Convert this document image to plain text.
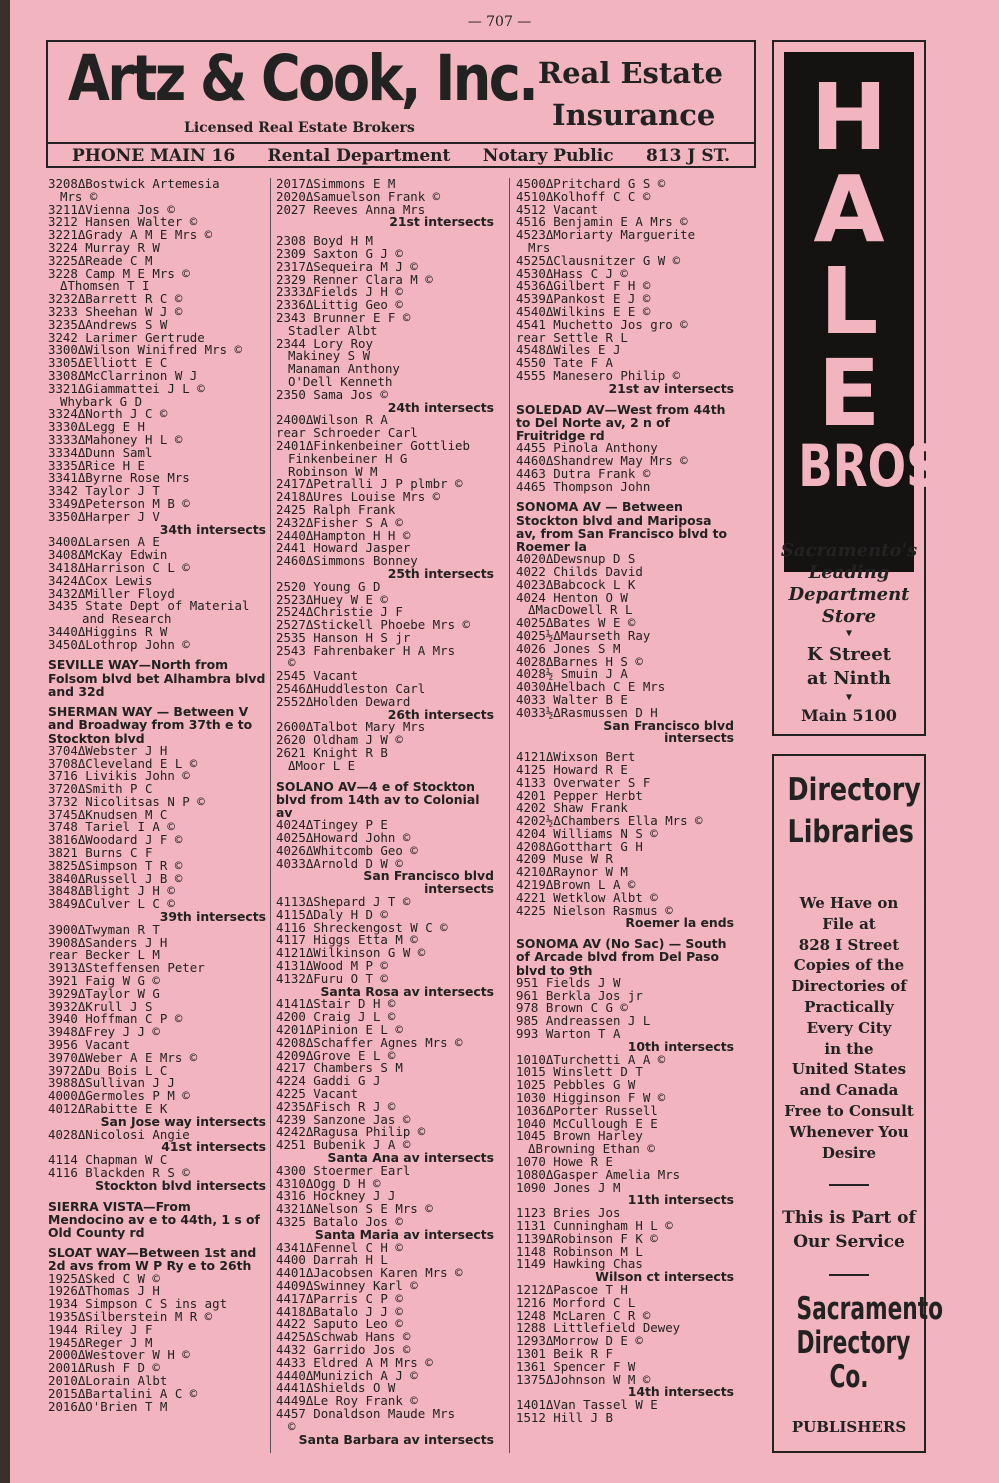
— 707 —
Artz & Cook, Inc. Real Estate
Insurance
Licensed Real Estate Brokers
PHONE MAIN 16 Rental Department Notary Public 813 J ST.
3208ΔBostwick Artemesia
Mrs ©
3211ΔVienna Jos ©
3212 Hansen Walter ©
3221ΔGrady A M E Mrs ©
3224 Murray R W
3225ΔReade C M
3228 Camp M E Mrs ©
ΔThomsen T I
3232ΔBarrett R C ©
3233 Sheehan W J ©
3235ΔAndrews S W
3242 Larimer Gertrude
3300ΔWilson Winifred Mrs ©
3305ΔElliott E C
3308ΔMcClarrinon W J
3321ΔGiammattei J L ©
Whybark G D
3324ΔNorth J C ©
3330ΔLegg E H
3333ΔMahoney H L ©
3334ΔDunn Saml
3335ΔRice H E
3341ΔByrne Rose Mrs
3342 Taylor J T
3349ΔPeterson M B ©
3350ΔHarper J V
34th intersects
3400ΔLarsen A E
3408ΔMcKay Edwin
3418ΔHarrison C L ©
3424ΔCox Lewis
3432ΔMiller Floyd
3435 State Dept of Material
and Research
3440ΔHiggins R W
3450ΔLothrop John ©
SEVILLE WAY—North from Folsom blvd bet Alhambra blvd and 32d
SHERMAN WAY — Between V and Broadway from 37th e to Stockton blvd
3704ΔWebster J H
3708ΔCleveland E L ©
3716 Livikis John ©
3720ΔSmith P C
3732 Nicolitsas N P ©
3745ΔKnudsen M C
3748 Tariel I A ©
3816ΔWoodard J F ©
3821 Burns C F
3825ΔSimpson T R ©
3840ΔRussell J B ©
3848ΔBlight J H ©
3849ΔCulver L C ©
39th intersects
3900ΔTwyman R T
3908ΔSanders J H
rear Becker L M
3913ΔSteffensen Peter
3921 Faig W G ©
3929ΔTaylor W G
3932ΔKrull J S
3940 Hoffman C P ©
3948ΔFrey J J ©
3956 Vacant
3970ΔWeber A E Mrs ©
3972ΔDu Bois L C
3988ΔSullivan J J
4000ΔGermoles P M ©
4012ΔRabitte E K
San Jose way intersects
4028ΔNicolosi Angie
41st intersects
4114 Chapman W C
4116 Blackden R S ©
Stockton blvd intersects
SIERRA VISTA—From Mendocino av e to 44th, 1 s of Old County rd
SLOAT WAY—Between 1st and 2d avs from W P Ry e to 26th
1925ΔSked C W ©
1926ΔThomas J H
1934 Simpson C S ins agt
1935ΔSilberstein M R ©
1944 Riley J F
1945ΔReger J M
2000ΔWestover W H ©
2001ΔRush F D ©
2010ΔLorain Albt
2015ΔBartalini A C ©
2016ΔO'Brien T M
2017ΔSimmons E M
2020ΔSamuelson Frank ©
2027 Reeves Anna Mrs
21st intersects
2308 Boyd H M
2309 Saxton G J ©
2317ΔSequeira M J ©
2329 Renner Clara M ©
2333ΔFields J H ©
2336ΔLittig Geo ©
2343 Brunner E F ©
Stadler Albt
2344 Lory Roy
Makiney S W
Manaman Anthony
O'Dell Kenneth
2350 Sama Jos ©
24th intersects
2400ΔWilson R A
rear Schroeder Carl
2401ΔFinkenbeiner Gottlieb
Finkenbeiner H G
Robinson W M
2417ΔPetralli J P plmbr ©
2418ΔUres Louise Mrs ©
2425 Ralph Frank
2432ΔFisher S A ©
2440ΔHampton H H ©
2441 Howard Jasper
2460ΔSimmons Bonney
25th intersects
2520 Young G D
2523ΔHuey W E ©
2524ΔChristie J F
2527ΔStickell Phoebe Mrs ©
2535 Hanson H S jr
2543 Fahrenbaker H A Mrs
©
2545 Vacant
2546ΔHuddleston Carl
2552ΔHolden Deward
26th intersects
2600ΔTalbot Mary Mrs
2620 Oldham J W ©
2621 Knight R B
ΔMoor L E
SOLANO AV—4 e of Stockton blvd from 14th av to Colonial av
4024ΔTingey P E
4025ΔHoward John ©
4026ΔWhitcomb Geo ©
4033ΔArnold D W ©
San Francisco blvd
intersects
4113ΔShepard J T ©
4115ΔDaly H D ©
4116 Shreckengost W C ©
4117 Higgs Etta M ©
4121ΔWilkinson G W ©
4131ΔWood M P ©
4132ΔFuru O T ©
Santa Rosa av intersects
4141ΔStair D H ©
4200 Craig J L ©
4201ΔPinion E L ©
4208ΔSchaffer Agnes Mrs ©
4209ΔGrove E L ©
4217 Chambers S M
4224 Gaddi G J
4225 Vacant
4235ΔFisch R J ©
4239 Sanzone Jas ©
4242ΔRagusa Philip ©
4251 Bubenik J A ©
Santa Ana av intersects
4300 Stoermer Earl
4310ΔOgg D H ©
4316 Hockney J J
4321ΔNelson S E Mrs ©
4325 Batalo Jos ©
Santa Maria av intersects
4341ΔFennel C H ©
4400 Darrah H L
4401ΔJacobsen Karen Mrs ©
4409ΔSwinney Karl ©
4417ΔParris C P ©
4418ΔBatalo J J ©
4422 Saputo Leo ©
4425ΔSchwab Hans ©
4432 Garrido Jos ©
4433 Eldred A M Mrs ©
4440ΔMunizich A J ©
4441ΔShields O W
4449ΔLe Roy Frank ©
4457 Donaldson Maude Mrs
©
Santa Barbara av intersects
4500ΔPritchard G S ©
4510ΔKolhoff C C ©
4512 Vacant
4516 Benjamin E A Mrs ©
4523ΔMoriarty Marguerite
Mrs
4525ΔClausnitzer G W ©
4530ΔHass C J ©
4536ΔGilbert F H ©
4539ΔPankost E J ©
4540ΔWilkins E E ©
4541 Muchetto Jos gro ©
rear Settle R L
4548ΔWiles E J
4550 Tate F A
4555 Manesero Philip ©
21st av intersects
SOLEDAD AV—West from 44th to Del Norte av, 2 n of Fruitridge rd
4455 Pinola Anthony
4460ΔShandrew May Mrs ©
4463 Dutra Frank ©
4465 Thompson John
SONOMA AV — Between Stockton blvd and Mariposa av, from San Francisco blvd to Roemer la
4020ΔDewsnup D S
4022 Childs David
4023ΔBabcock L K
4024 Henton O W
ΔMacDowell R L
4025ΔBates W E ©
4025½ΔMaurseth Ray
4026 Jones S M
4028ΔBarnes H S ©
4028½ Smuin J A
4030ΔHelbach C E Mrs
4033 Walter B E
4033½ΔRasmussen D H
San Francisco blvd
intersects
4121ΔWixson Bert
4125 Howard R E
4133 Overwater S F
4201 Pepper Herbt
4202 Shaw Frank
4202½ΔChambers Ella Mrs ©
4204 Williams N S ©
4208ΔGotthart G H
4209 Muse W R
4210ΔRaynor W M
4219ΔBrown L A ©
4221 Wetklow Albt ©
4225 Nielson Rasmus ©
Roemer la ends
SONOMA AV (No Sac) — South of Arcade blvd from Del Paso blvd to 9th
951 Fields J W
961 Berkla Jos jr
978 Brown C G ©
985 Andreassen J L
993 Warton T A
10th intersects
1010ΔTurchetti A A ©
1015 Winslett D T
1025 Pebbles G W
1030 Higginson F W ©
1036ΔPorter Russell
1040 McCullough E E
1045 Brown Harley
ΔBrowning Ethan ©
1070 Howe R E
1080ΔGasper Amelia Mrs
1090 Jones J M
11th intersects
1123 Bries Jos
1131 Cunningham H L ©
1139ΔRobinson F K ©
1148 Robinson M L
1149 Hawking Chas
Wilson ct intersects
1212ΔPascoe T H
1216 Morford C L
1248 McLaren C R ©
1288 Littlefield Dewey
1293ΔMorrow D E ©
1301 Beik R F
1361 Spencer F W
1375ΔJohnson W M ©
14th intersects
1401ΔVan Tassel W E
1512 Hill J B
H
A
L
E
BROS.
Sacramento's
Leading
Department
Store
▼
K Street
at Ninth
▼
Main 5100
Directory
Libraries
We Have on
File at
828 I Street
Copies of the
Directories of
Practically
Every City
in the
United States
and Canada
Free to Consult
Whenever You
Desire
This is Part of
Our Service
Sacramento
Directory
Co.
PUBLISHERS
